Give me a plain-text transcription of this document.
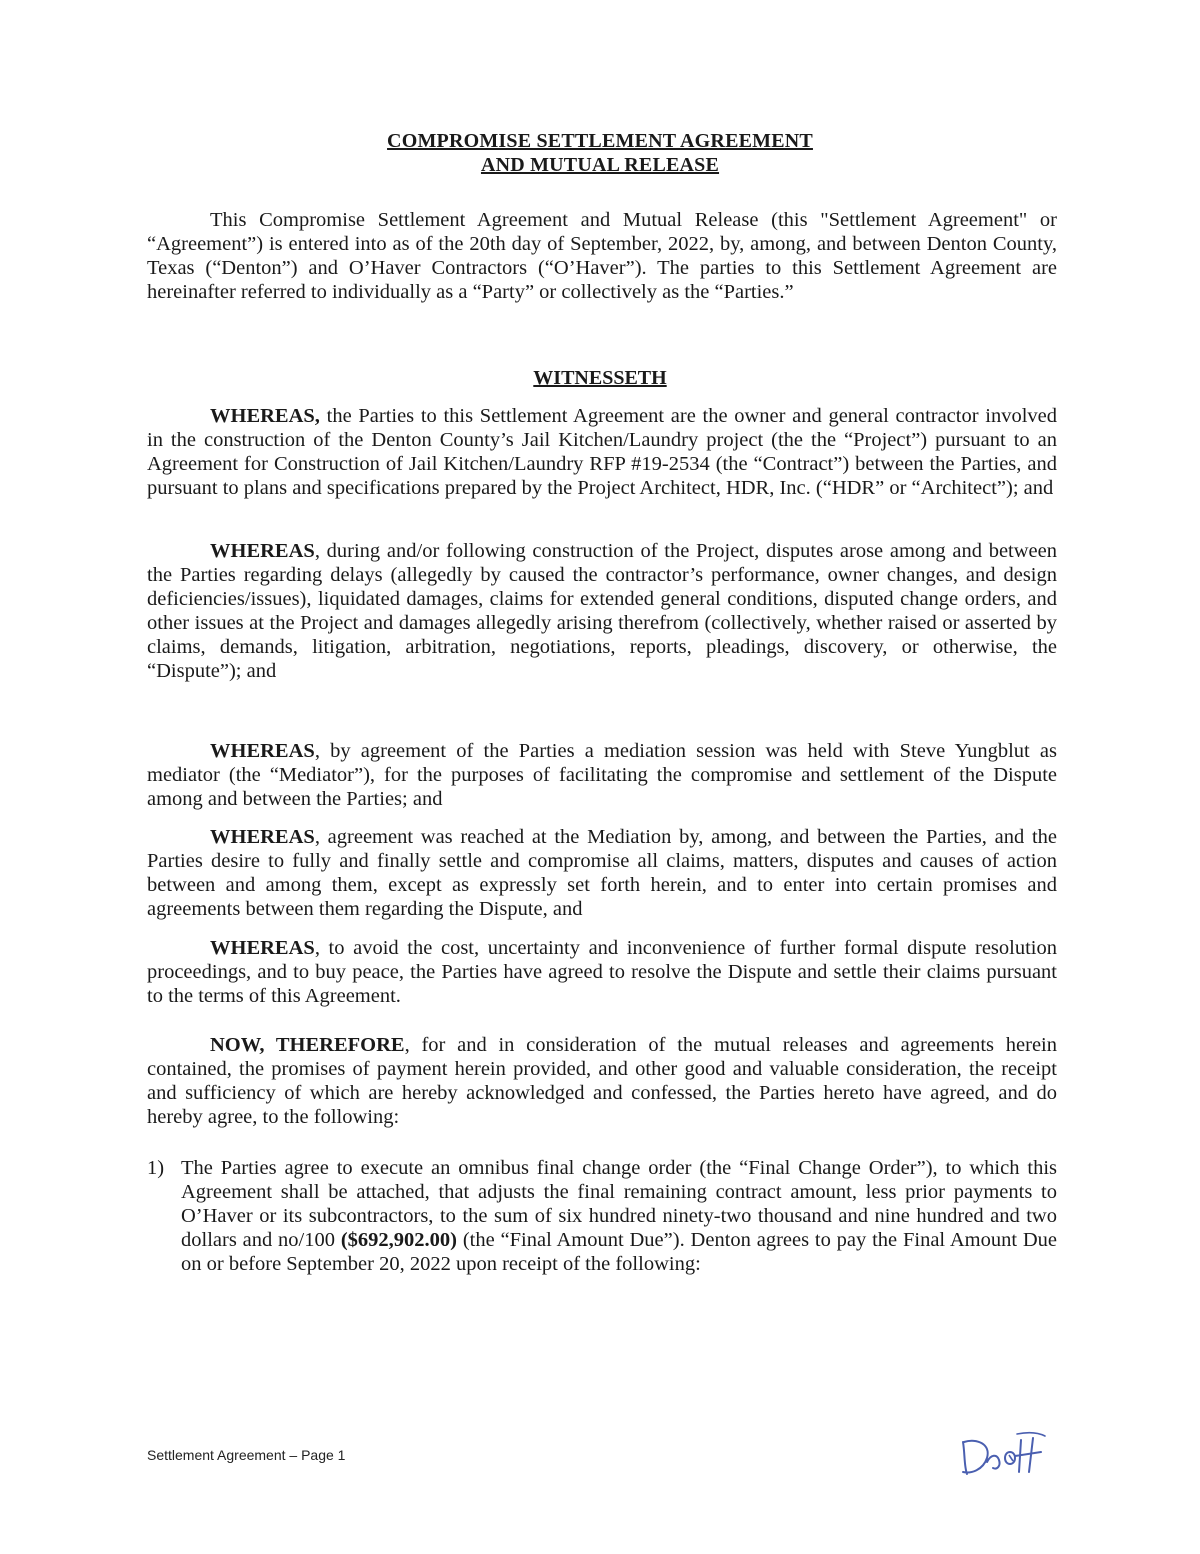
COMPROMISE SETTLEMENT AGREEMENT
AND MUTUAL RELEASE

This Compromise Settlement Agreement and Mutual Release (this "Settlement Agreement" or “Agreement”) is entered into as of the 20th day of September, 2022, by, among, and between Denton County, Texas (“Denton”) and O’Haver Contractors (“O’Haver”). The parties to this Settlement Agreement are hereinafter referred to individually as a “Party” or collectively as the “Parties.”

WITNESSETH

WHEREAS, the Parties to this Settlement Agreement are the owner and general contractor involved in the construction of the Denton County’s Jail Kitchen/Laundry project (the the “Project”) pursuant to an Agreement for Construction of Jail Kitchen/Laundry RFP #19-2534 (the “Contract”) between the Parties, and pursuant to plans and specifications prepared by the Project Architect, HDR, Inc. (“HDR” or “Architect”); and

WHEREAS, during and/or following construction of the Project, disputes arose among and between the Parties regarding delays (allegedly by caused the contractor’s performance, owner changes, and design deficiencies/issues), liquidated damages, claims for extended general conditions, disputed change orders, and other issues at the Project and damages allegedly arising therefrom (collectively, whether raised or asserted by claims, demands, litigation, arbitration, negotiations, reports, pleadings, discovery, or otherwise, the “Dispute”); and

WHEREAS, by agreement of the Parties a mediation session was held with Steve Yungblut as mediator (the “Mediator”), for the purposes of facilitating the compromise and settlement of the Dispute among and between the Parties; and

WHEREAS, agreement was reached at the Mediation by, among, and between the Parties, and the Parties desire to fully and finally settle and compromise all claims, matters, disputes and causes of action between and among them, except as expressly set forth herein, and to enter into certain promises and agreements between them regarding the Dispute, and

WHEREAS, to avoid the cost, uncertainty and inconvenience of further formal dispute resolution proceedings, and to buy peace, the Parties have agreed to resolve the Dispute and settle their claims pursuant to the terms of this Agreement.

NOW, THEREFORE, for and in consideration of the mutual releases and agreements herein contained, the promises of payment herein provided, and other good and valuable consideration, the receipt and sufficiency of which are hereby acknowledged and confessed, the Parties hereto have agreed, and do hereby agree, to the following:

1) The Parties agree to execute an omnibus final change order (the “Final Change Order”), to which this Agreement shall be attached, that adjusts the final remaining contract amount, less prior payments to O’Haver or its subcontractors, to the sum of six hundred ninety-two thousand and nine hundred and two dollars and no/100 ($692,902.00) (the “Final Amount Due”). Denton agrees to pay the Final Amount Due on or before September 20, 2022 upon receipt of the following:
Settlement Agreement – Page 1
